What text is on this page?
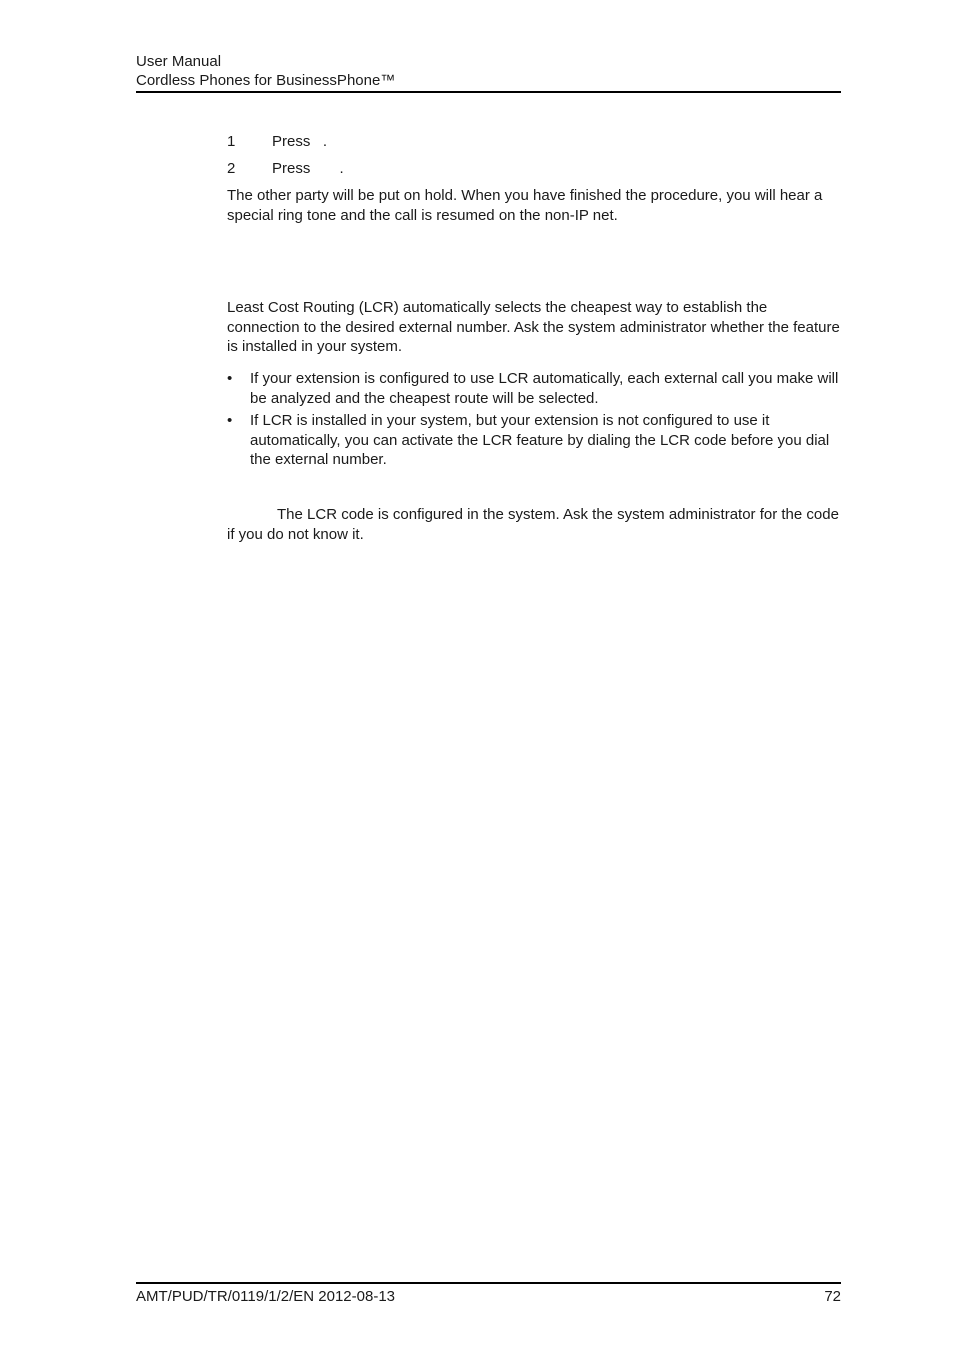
User Manual
Cordless Phones for BusinessPhone™
1 Press   .
2 Press       .
The other party will be put on hold. When you have finished the procedure, you will hear a special ring tone and the call is resumed on the non-IP net.
Least Cost Routing (LCR) automatically selects the cheapest way to establish the connection to the desired external number. Ask the system administrator whether the feature is installed in your system.
• If your extension is configured to use LCR automatically, each external call you make will be analyzed and the cheapest route will be selected.
• If LCR is installed in your system, but your extension is not configured to use it automatically, you can activate the LCR feature by dialing the LCR code before you dial the external number.
The LCR code is configured in the system. Ask the system administrator for the code if you do not know it.
AMT/PUD/TR/0119/1/2/EN 2012-08-13	72
